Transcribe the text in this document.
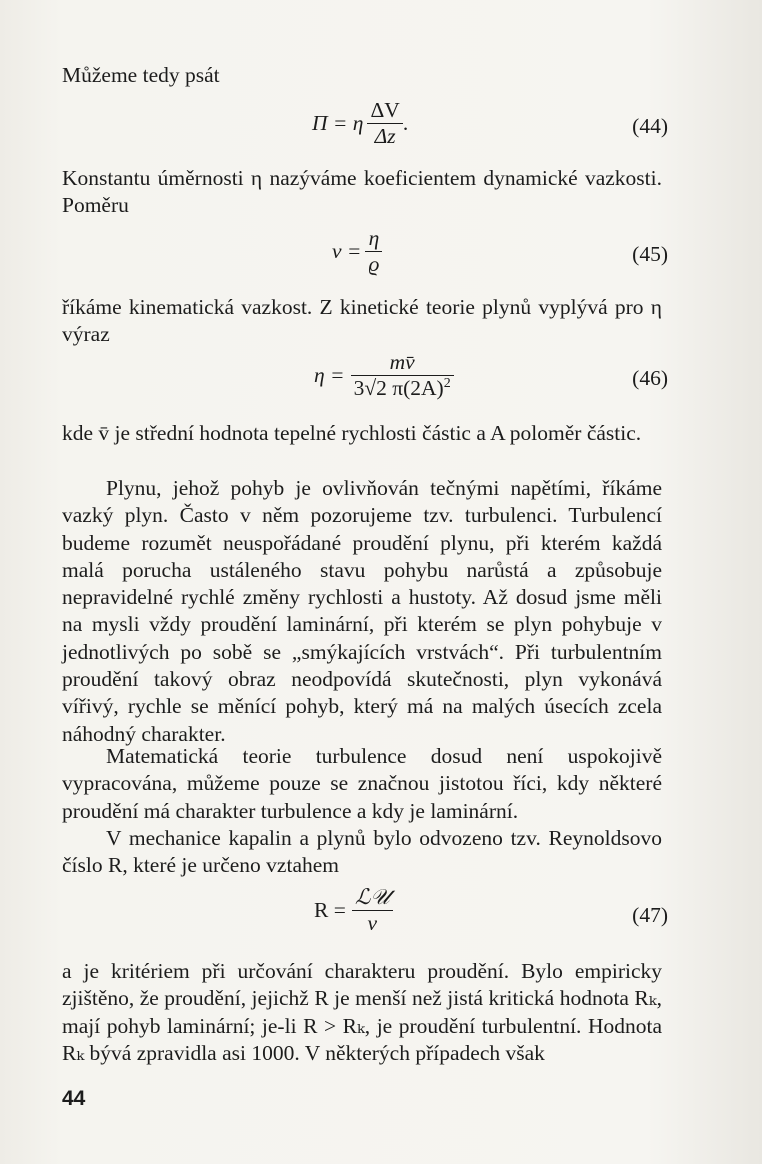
Můžeme tedy psát

Π = η $\frac{\Delta V}{\Delta z}$ .	(44)

Konstantu úměrnosti η nazýváme koeficientem dynamické vazkosti. Poměru

$\nu = \frac{\eta}{ϱ}$	(45)

říkáme kinematická vazkost. Z kinetické teorie plynů vyplývá pro η výraz

$\eta = \frac{mv̄}{3√2 \pi(2A)^2}$	(46)

kde v̄ je střední hodnota tepelné rychlosti částic a A poloměr částic.

Plynu, jehož pohyb je ovlivňován tečnými napětími, říkáme vazký plyn. Často v něm pozorujeme tzv. turbulenci. Turbulencí budeme rozumět neuspořádané proudění plynu, při kterém každá malá porucha ustáleného stavu pohybu narůstá a způsobuje nepravidelné rychlé změny rychlosti a hustoty. Až dosud jsme měli na mysli vždy proudění laminární, při kterém se plyn pohybuje v jednotlivých po sobě se „smýkajících vrstvách“. Při turbulentním proudění takový obraz neodpovídá skutečnosti, plyn vykonává vířivý, rychle se měnící pohyb, který má na malých úsecích zcela náhodný charakter.

Matematická teorie turbulence dosud není uspokojivě vypracována, můžeme pouze se značnou jistotou říci, kdy některé proudění má charakter turbulence a kdy je laminární.

V mechanice kapalin a plynů bylo odvozeno tzv. Reynoldsovo číslo R, které je určeno vztahem

$R = \frac{\text{ℒ𝒰}}{\nu}$	(47)

a je kritériem při určování charakteru proudění. Bylo empiricky zjištěno, že proudění, jejichž R je menší než jistá kritická hodnota Rₖ, mají pohyb laminární; je-li R > Rₖ, je proudění turbulentní. Hodnota Rₖ bývá zpravidla asi 1000. V některých případech však

44
